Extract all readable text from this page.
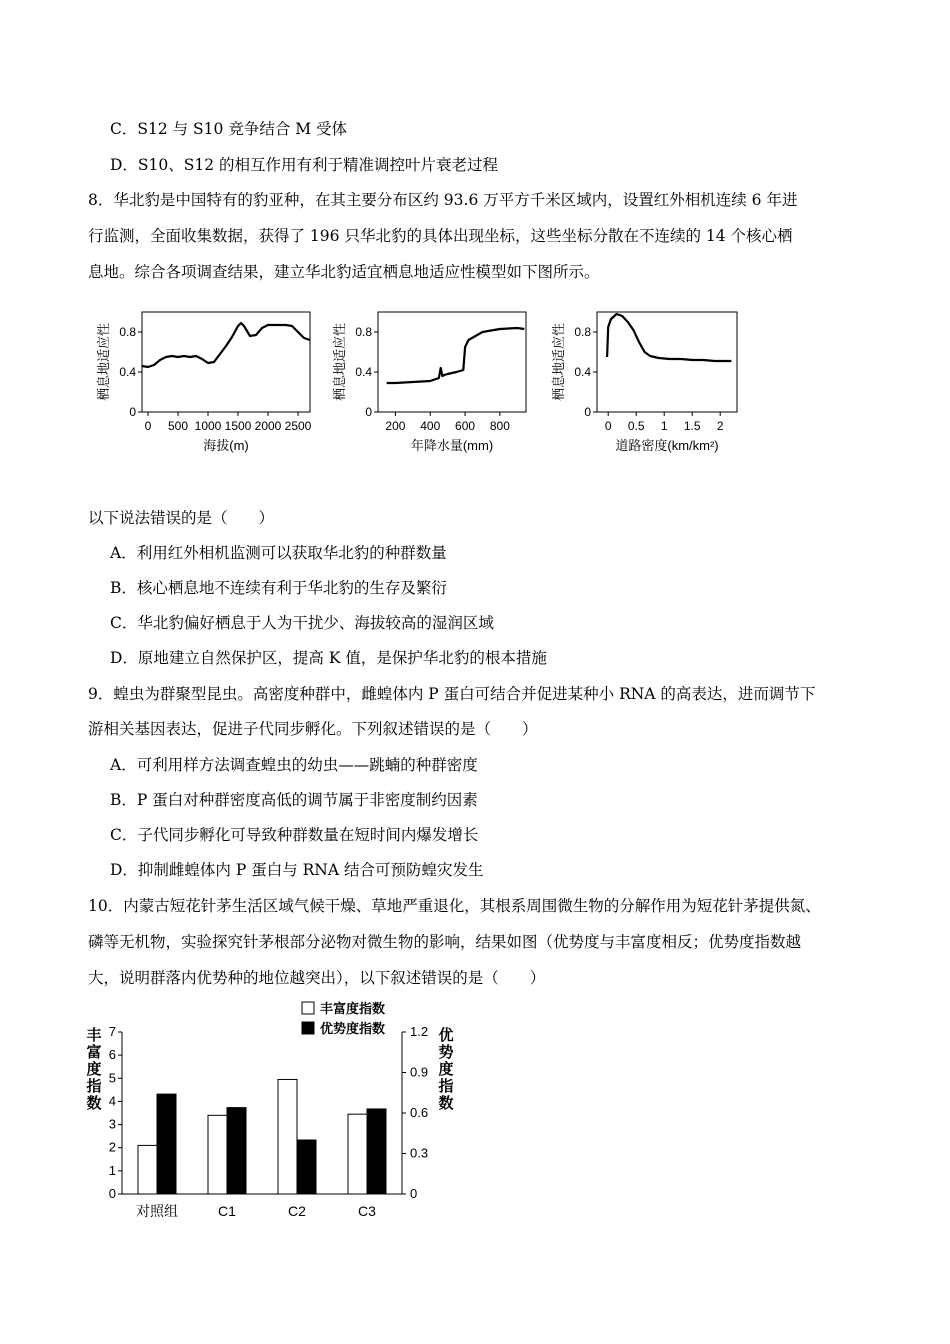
C．S12 与 S10 竞争结合 M 受体
D．S10、S12 的相互作用有利于精准调控叶片衰老过程
8．华北豹是中国特有的豹亚种，在其主要分布区约 93.6 万平方千米区域内，设置红外相机连续 6 年进
行监测，全面收集数据，获得了 196 只华北豹的具体出现坐标，这些坐标分散在不连续的 14 个核心栖
息地。综合各项调查结果，建立华北豹适宜栖息地适应性模型如下图所示。
0
0.4
0.8
0 500 1000 1500 2000 2500
海拔(m)
栖息地适应性
0
0.4
0.8
200 400 600 800
年降水量(mm)
栖息地适应性
0
0.4
0.8
0 0.5 1 1.5 2
道路密度(km/km²)
栖息地适应性
以下说法错误的是（　　）
A．利用红外相机监测可以获取华北豹的种群数量
B．核心栖息地不连续有利于华北豹的生存及繁衍
C．华北豹偏好栖息于人为干扰少、海拔较高的湿润区域
D．原地建立自然保护区，提高 K 值，是保护华北豹的根本措施
9．蝗虫为群聚型昆虫。高密度种群中，雌蝗体内 P 蛋白可结合并促进某种小 RNA 的高表达，进而调节下
游相关基因表达，促进子代同步孵化。下列叙述错误的是（　　）
A．可利用样方法调查蝗虫的幼虫——跳蝻的种群密度
B．P 蛋白对种群密度高低的调节属于非密度制约因素
C．子代同步孵化可导致种群数量在短时间内爆发增长
D．抑制雌蝗体内 P 蛋白与 RNA 结合可预防蝗灾发生
10．内蒙古短花针茅生活区域气候干燥、草地严重退化，其根系周围微生物的分解作用为短花针茅提供氮、
磷等无机物，实验探究针茅根部分泌物对微生物的影响，结果如图（优势度与丰富度相反；优势度指数越
大，说明群落内优势种的地位越突出），以下叙述错误的是（　　）
0
1
2
3
4
5
6
7
0
0.3
0.6
0.9
1.2
丰
富
度
指
数
优
势
度
指
数
丰富度指数
优势度指数
对照组	C1	C2	C3
